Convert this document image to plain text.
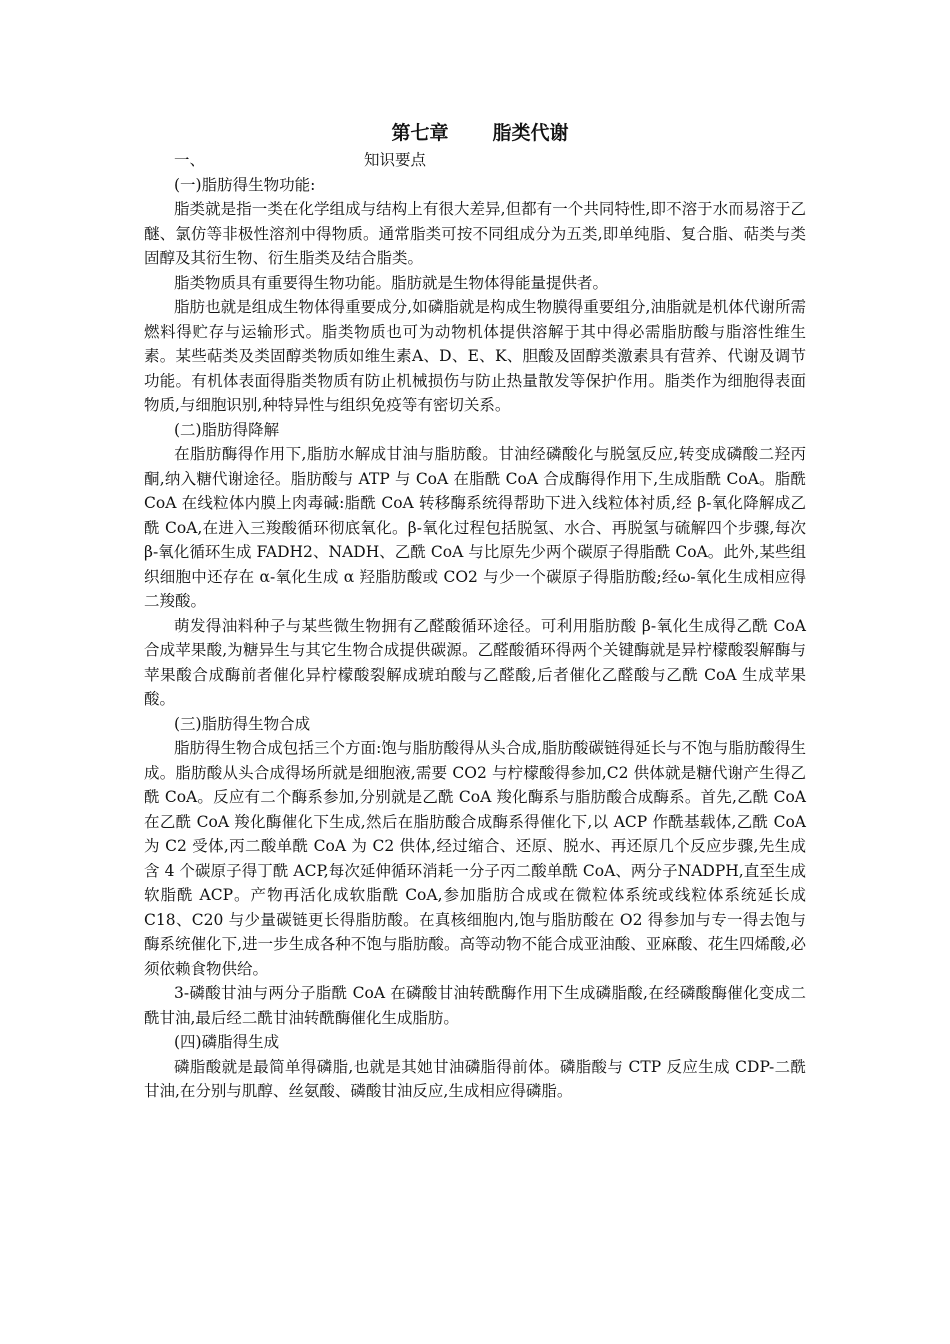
第七章 脂类代谢
一、	知识要点
(一)脂肪得生物功能:

脂类就是指一类在化学组成与结构上有很大差异,但都有一个共同特性,即不溶于水而易溶于乙醚、氯仿等非极性溶剂中得物质。通常脂类可按不同组成分为五类,即单纯脂、复合脂、萜类与类固醇及其衍生物、衍生脂类及结合脂类。

脂类物质具有重要得生物功能。脂肪就是生物体得能量提供者。

脂肪也就是组成生物体得重要成分,如磷脂就是构成生物膜得重要组分,油脂就是机体代谢所需燃料得贮存与运输形式。脂类物质也可为动物机体提供溶解于其中得必需脂肪酸与脂溶性维生素。某些萜类及类固醇类物质如维生素A、D、E、K、胆酸及固醇类激素具有营养、代谢及调节功能。有机体表面得脂类物质有防止机械损伤与防止热量散发等保护作用。脂类作为细胞得表面物质,与细胞识别,种特异性与组织免疫等有密切关系。

(二)脂肪得降解

在脂肪酶得作用下,脂肪水解成甘油与脂肪酸。甘油经磷酸化与脱氢反应,转变成磷酸二羟丙酮,纳入糖代谢途径。脂肪酸与 ATP 与 CoA 在脂酰 CoA 合成酶得作用下,生成脂酰 CoA。脂酰 CoA 在线粒体内膜上肉毒碱:脂酰 CoA 转移酶系统得帮助下进入线粒体衬质,经 β-氧化降解成乙酰 CoA,在进入三羧酸循环彻底氧化。β-氧化过程包括脱氢、水合、再脱氢与硫解四个步骤,每次 β-氧化循环生成 FADH2、NADH、乙酰 CoA 与比原先少两个碳原子得脂酰 CoA。此外,某些组织细胞中还存在 α-氧化生成 α 羟脂肪酸或 CO2 与少一个碳原子得脂肪酸;经ω-氧化生成相应得二羧酸。

萌发得油料种子与某些微生物拥有乙醛酸循环途径。可利用脂肪酸 β-氧化生成得乙酰 CoA 合成苹果酸,为糖异生与其它生物合成提供碳源。乙醛酸循环得两个关键酶就是异柠檬酸裂解酶与苹果酸合成酶前者催化异柠檬酸裂解成琥珀酸与乙醛酸,后者催化乙醛酸与乙酰 CoA 生成苹果酸。

(三)脂肪得生物合成

脂肪得生物合成包括三个方面:饱与脂肪酸得从头合成,脂肪酸碳链得延长与不饱与脂肪酸得生成。脂肪酸从头合成得场所就是细胞液,需要 CO2 与柠檬酸得参加,C2 供体就是糖代谢产生得乙酰 CoA。反应有二个酶系参加,分别就是乙酰 CoA 羧化酶系与脂肪酸合成酶系。首先,乙酰 CoA 在乙酰 CoA 羧化酶催化下生成,然后在脂肪酸合成酶系得催化下,以 ACP 作酰基载体,乙酰 CoA 为 C2 受体,丙二酸单酰 CoA 为 C2 供体,经过缩合、还原、脱水、再还原几个反应步骤,先生成含 4 个碳原子得丁酰 ACP,每次延伸循环消耗一分子丙二酸单酰 CoA、两分子NADPH,直至生成软脂酰 ACP。产物再活化成软脂酰 CoA,参加脂肪合成或在微粒体系统或线粒体系统延长成 C18、C20 与少量碳链更长得脂肪酸。在真核细胞内,饱与脂肪酸在 O2 得参加与专一得去饱与酶系统催化下,进一步生成各种不饱与脂肪酸。高等动物不能合成亚油酸、亚麻酸、花生四烯酸,必须依赖食物供给。

3-磷酸甘油与两分子脂酰 CoA 在磷酸甘油转酰酶作用下生成磷脂酸,在经磷酸酶催化变成二酰甘油,最后经二酰甘油转酰酶催化生成脂肪。

(四)磷脂得生成

磷脂酸就是最简单得磷脂,也就是其她甘油磷脂得前体。磷脂酸与 CTP 反应生成 CDP-二酰甘油,在分别与肌醇、丝氨酸、磷酸甘油反应,生成相应得磷脂。
